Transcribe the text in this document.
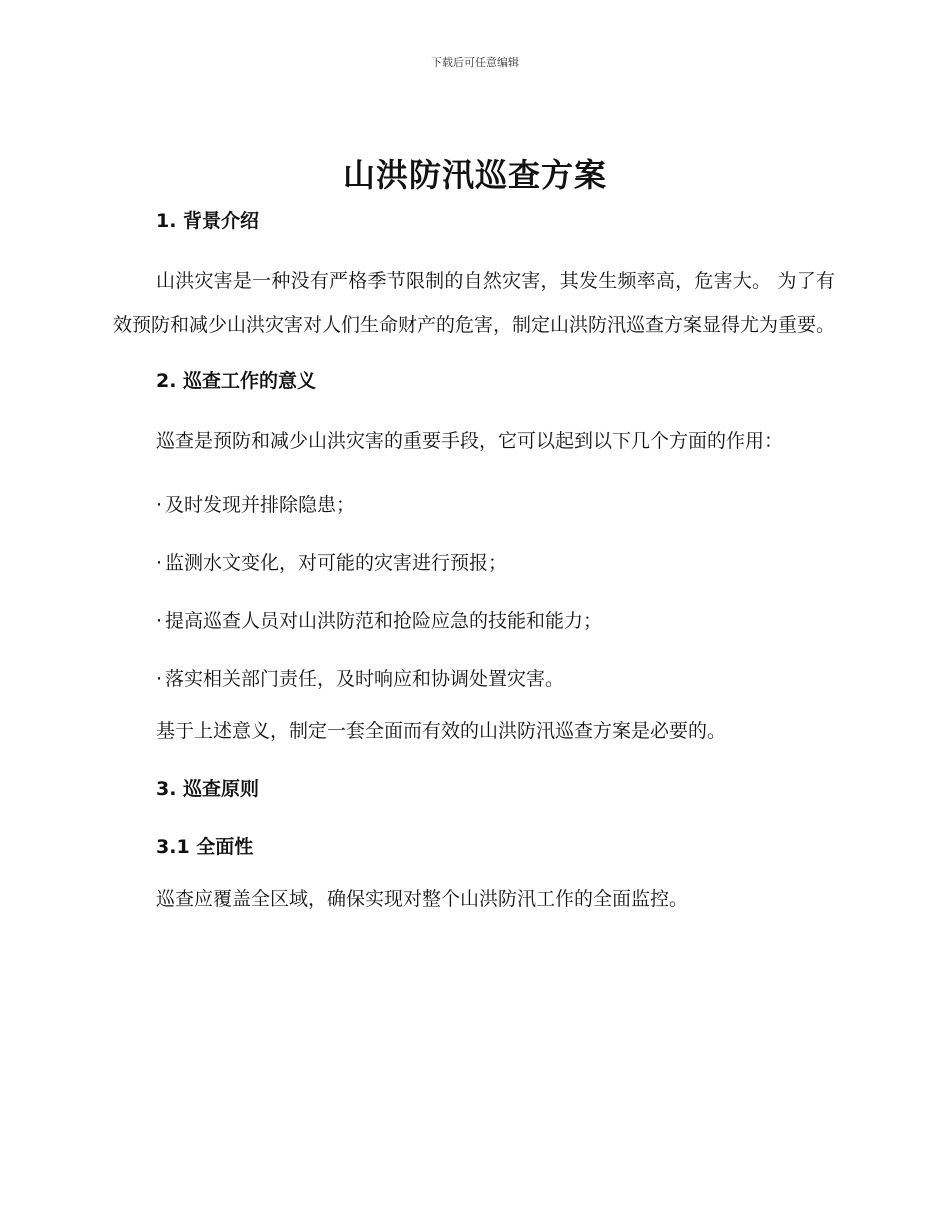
下载后可任意编辑
山洪防汛巡查方案
1. 背景介绍

山洪灾害是一种没有严格季节限制的自然灾害，其发生频率高，危害大。 为了有效预防和减少山洪灾害对人们生命财产的危害，制定山洪防汛巡查方案显得尤为重要。

2. 巡查工作的意义

巡查是预防和减少山洪灾害的重要手段，它可以起到以下几个方面的作用：

· 及时发现并排除隐患；
· 监测水文变化，对可能的灾害进行预报；
· 提高巡查人员对山洪防范和抢险应急的技能和能力；
· 落实相关部门责任，及时响应和协调处置灾害。

基于上述意义，制定一套全面而有效的山洪防汛巡查方案是必要的。

3. 巡查原则
3.1 全面性

巡查应覆盖全区域，确保实现对整个山洪防汛工作的全面监控。
